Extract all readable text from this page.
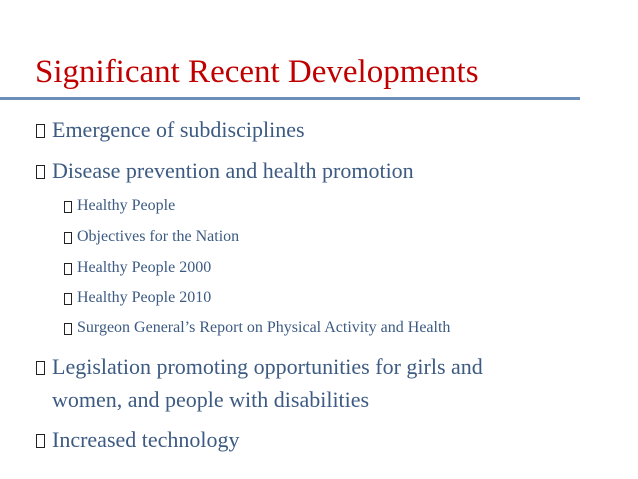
Significant Recent Developments
Emergence of subdisciplines
Disease prevention and health promotion
Healthy People
Objectives for the Nation
Healthy People 2000
Healthy People 2010
Surgeon General’s Report on Physical Activity and Health
Legislation promoting opportunities for girls and
women, and people with disabilities
Increased technology
